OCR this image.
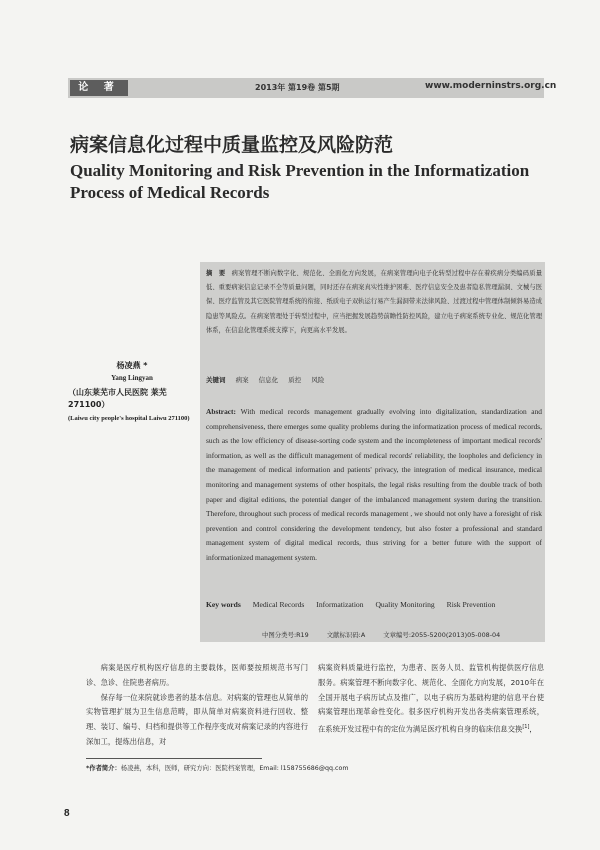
论 著	2013年 第19卷 第5期	www.moderninstrs.org.cn
病案信息化过程中质量监控及风险防范
Quality Monitoring and Risk Prevention in the Informatization Process of Medical Records
杨凌燕 *
Yang Lingyan
（山东莱芜市人民医院 莱芜 271100）
(Laiwu city people's hospital Laiwu 271100)
摘 要 病案管理不断向数字化、规范化、全面化方向发展，在病案管理向电子化转型过程中存在着疾病分类编码质量低、重要病案信息记录不全等质量问题，同时还存在病案真实性维护困难、医疗信息安全及患者隐私管理漏洞、文械与医保、医疗监管及其它医院管理系统的衔接、纸质电子双轨运行易产生漏洞带来法律风险、过渡过程中管理体制倾斜易造成隐患等风险点。在病案管理处于转型过程中，应当把握发展趋势前瞻性防控风险，建立电子病案系统专业化、规范化管理体系，在信息化管理系统支撑下，向更高水平发展。
关键词 病案 信息化 质控 风险
Abstract: With medical records management gradually evolving into digitalization, standardization and comprehensiveness, there emerges some quality problems during the informatization process of medical records, such as the low efficiency of disease-sorting code system and the incompleteness of important medical records' information, as well as the difficult management of medical records' reliability, the loopholes and deficiency in the management of medical information and patients' privacy, the integration of medical insurance, medical monitoring and management systems of other hospitals, the legal risks resulting from the double track of both paper and digital editions, the potential danger of the imbalanced management system during the transition. Therefore, throughout such process of medical records management , we should not only have a foresight of risk prevention and control considering the development tendency, but also foster a professional and standard management system of digital medical records, thus striving for a better future with the support of informationized management system.
Key words Medical Records Informatization Quality Monitoring Risk Prevention
中图分类号:R19	文献标识码:A	文章编号:2055-5200(2013)05-008-04

病案是医疗机构医疗信息的主要载体，医师要按照规范书写门诊、急诊、住院患者病历。

保存每一位来院就诊患者的基本信息。对病案的管理也从简单的实物管理扩展为卫生信息范畴，即从简单对病案资料进行回收、整理、装订、编号、归档和提供等工作程序变成对病案记录的内容进行深加工，提炼出信息，对

病案资料质量进行监控，为患者、医务人员、监管机构提供医疗信息服务。病案管理不断向数字化、规范化、全面化方向发展，2010年在全国开展电子病历试点及推广，以电子病历为基础构建的信息平台使病案管理出现革命性变化。很多医疗机构开发出各类病案管理系统，在系统开发过程中有的定位为满足医疗机构自身的临床信息交换[1]，

*作者简介：杨凌燕，本科，医师，研究方向：医院档案管理，Email: l158755686@qq.com
8
